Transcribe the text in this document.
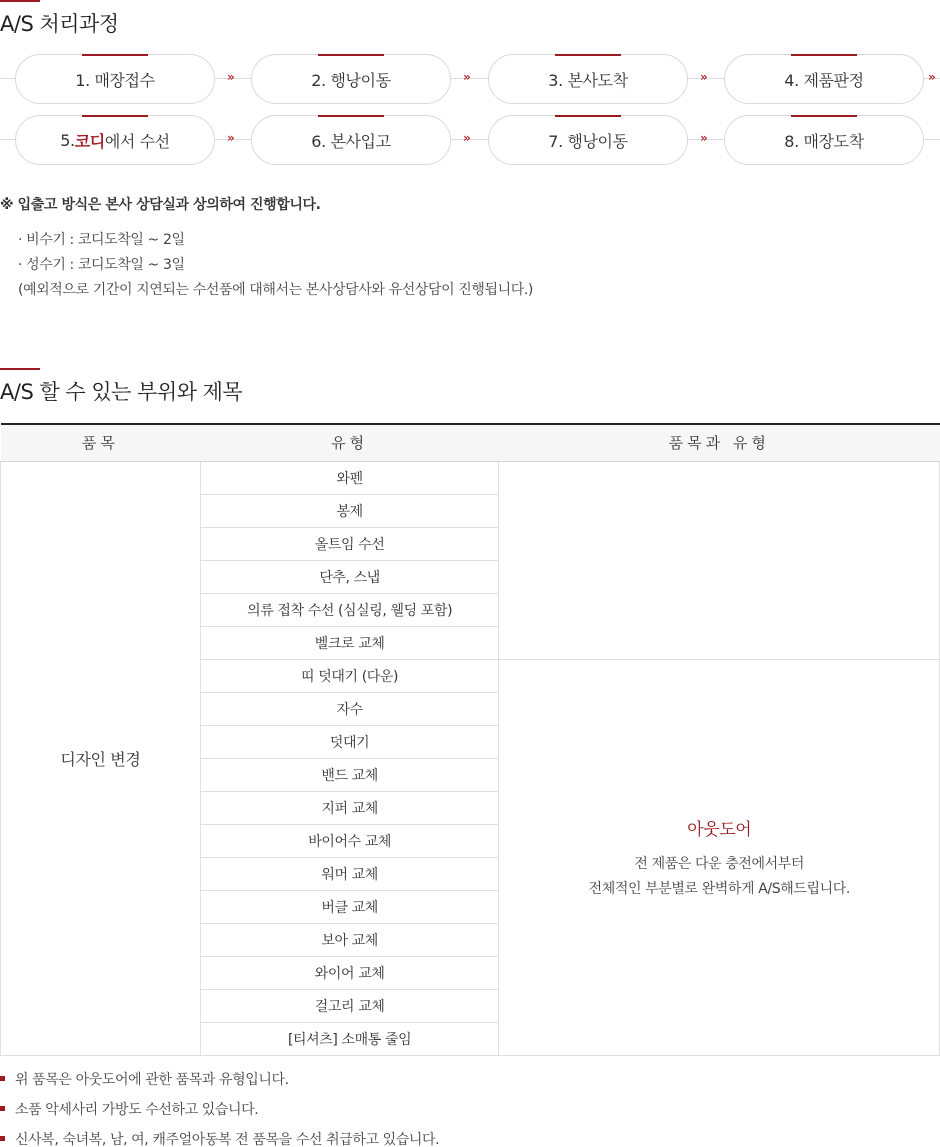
A/S 처리과정
1. 매장접수	2. 행낭이동	3. 본사도착	4. 제품판정
»	»	»	»
5. 코디 에서 수선	6. 본사입고	7. 행낭이동	8. 매장도착
»	»	»
※ 입출고 방식은 본사 상담실과 상의하여 진행합니다.
· 비수기 : 코디도착일 ~ 2일
· 성수기 : 코디도착일 ~ 3일
(예외적으로 기간이 지연되는 수선품에 대해서는 본사상담사와 유선상담이 진행됩니다.)
A/S 할 수 있는 부위와 제목
품목	유형	품목과 유형
디자인 변경	와펜	
	봉제	
	올트임 수선	
	단추, 스냅	
	의류 접착 수선 (심실링, 웰딩 포함)	
	벨크로 교체	
	띠 덧대기 (다운)	아웃도어
전 제품은 다운 충전에서부터
전체적인 부분별로 완벽하게 A/S해드립니다.

	자수	
	덧대기	
	밴드 교체	
	지퍼 교체	
	바이어수 교체	
	워머 교체	
	버클 교체	
	보아 교체	
	와이어 교체	
	걸고리 교체	
	[티셔츠] 소매통 줄임	
위 품목은 아웃도어에 관한 품목과 유형입니다.
소품 악세사리 가방도 수선하고 있습니다.
신사복, 숙녀복, 남, 여, 캐주얼아동복 전 품목을 수선 취급하고 있습니다.
